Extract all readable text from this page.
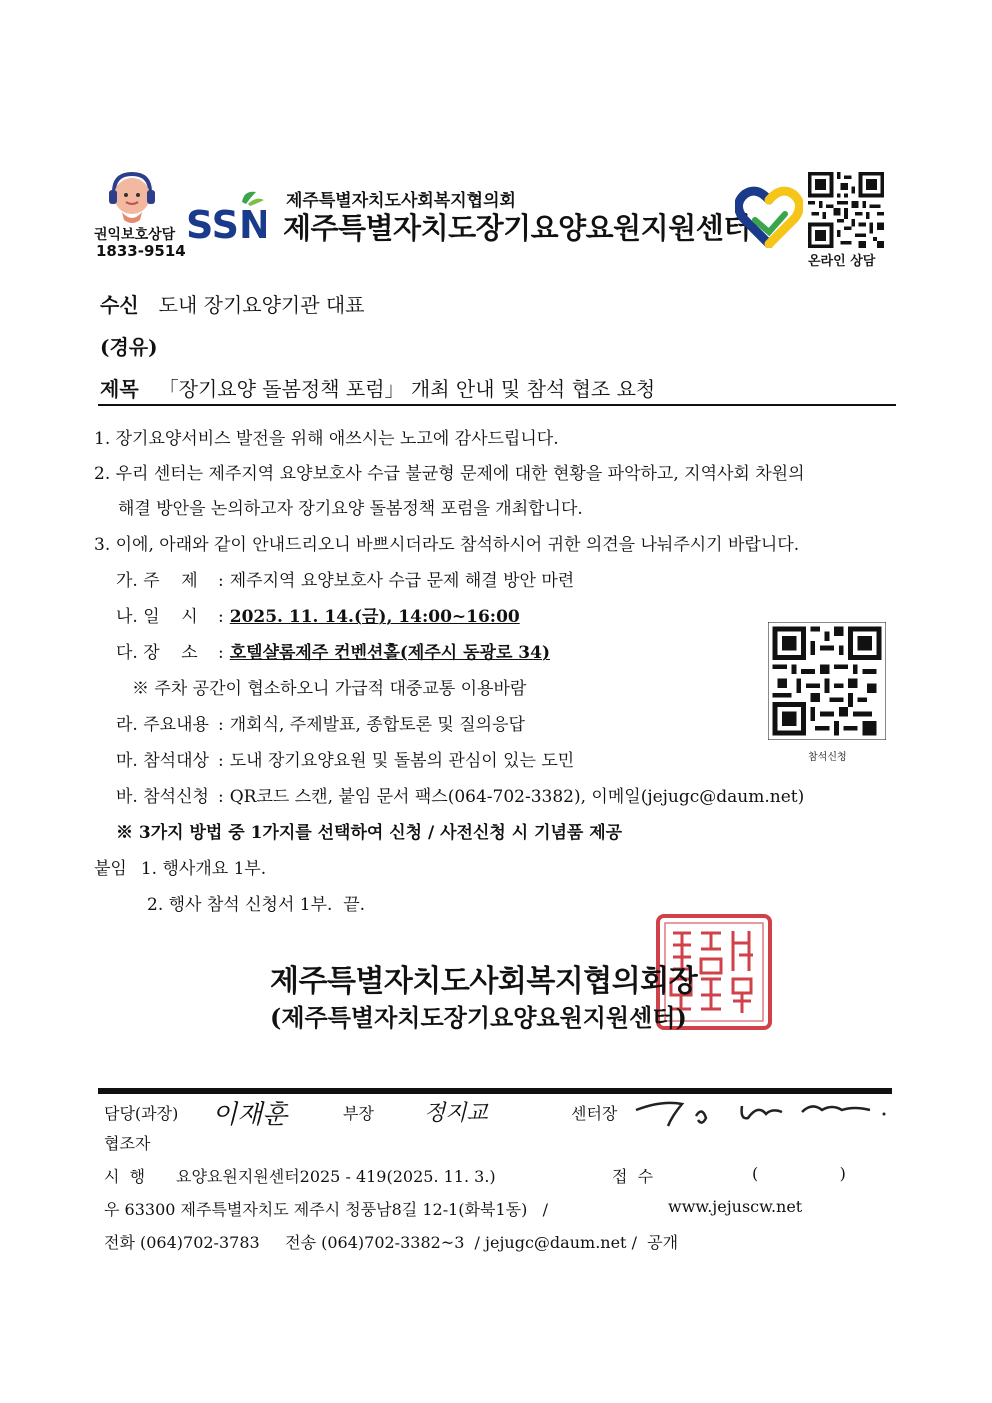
권익보호상담
1833-9514
SSN
제주특별자치도사회복지협의회
제주특별자치도장기요양요원지원센터
온라인 상담
수신 도내 장기요양기관 대표
(경유)
제목 「장기요양 돌봄정책 포럼」 개최 안내 및 참석 협조 요청
1. 장기요양서비스 발전을 위해 애쓰시는 노고에 감사드립니다.
2. 우리 센터는 제주지역 요양보호사 수급 불균형 문제에 대한 현황을 파악하고, 지역사회 차원의
해결 방안을 논의하고자 장기요양 돌봄정책 포럼을 개최합니다.
3. 이에, 아래와 같이 안내드리오니 바쁘시더라도 참석하시어 귀한 의견을 나눠주시기 바랍니다.
가. 주    제 : 제주지역 요양보호사 수급 문제 해결 방안 마련
나. 일    시 : 2025. 11. 14.(금), 14:00~16:00
다. 장    소 : 호텔샬롬제주 컨벤션홀(제주시 동광로 34)
※ 주차 공간이 협소하오니 가급적 대중교통 이용바람
라. 주요내용 : 개회식, 주제발표, 종합토론 및 질의응답
마. 참석대상 : 도내 장기요양요원 및 돌봄의 관심이 있는 도민
바. 참석신청 : QR코드 스캔, 붙임 문서 팩스(064-702-3382), 이메일(jejugc@daum.net)
※ 3가지 방법 중 1가지를 선택하여 신청 / 사전신청 시 기념품 제공
참석신청
붙임 1. 행사개요 1부.
2. 행사 참석 신청서 1부.  끝.
제주특별자치도사회복지협의회장
(제주특별자치도장기요양요원지원센터)
담당(과장) 이재훈	부장 정지교	센터장
협조자
시  행 요양요원지원센터2025 - 419(2025. 11. 3.)	접  수	(                )
우 63300 제주특별자치도 제주시 청풍남8길 12-1(화북1동)   /	www.jejuscw.net
전화 (064)702-3783     전송 (064)702-3382~3  / jejugc@daum.net /  공개
